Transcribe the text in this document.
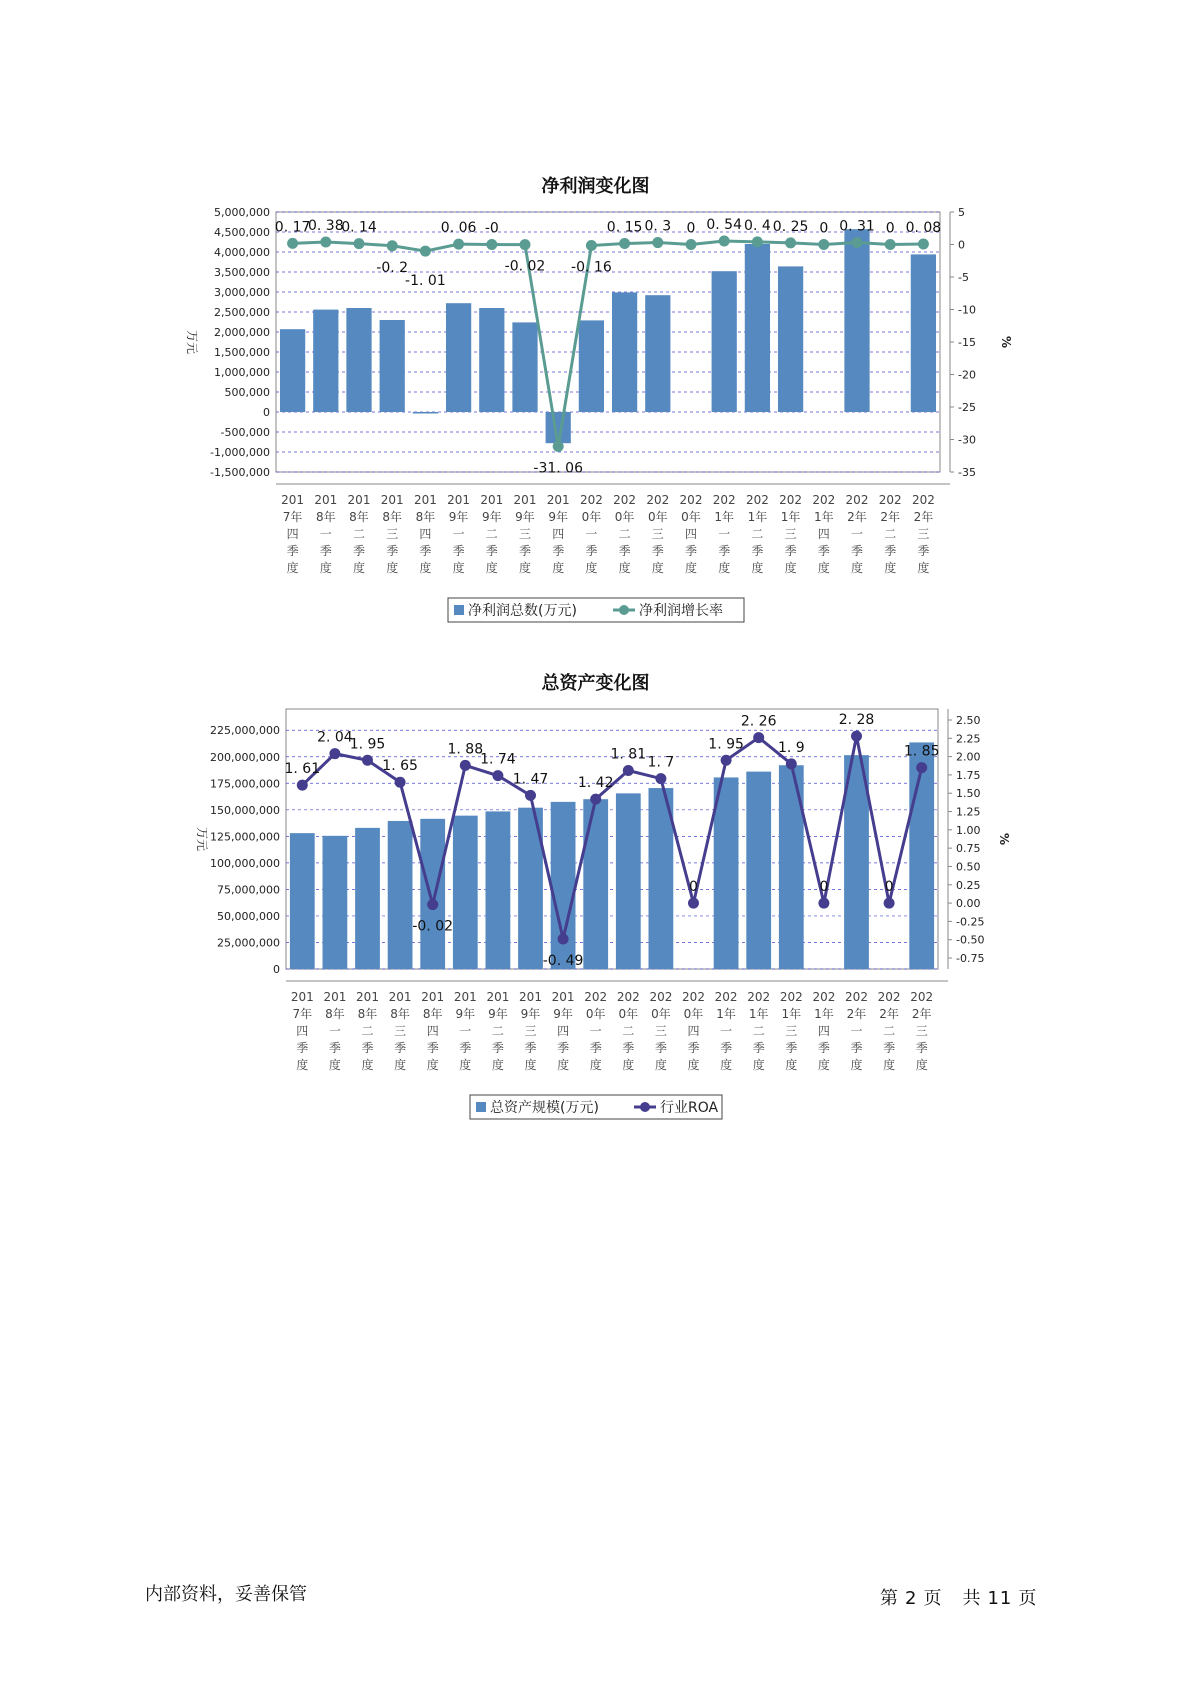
净利润变化图
5,000,000
4,500,000
4,000,000
3,500,000
3,000,000
2,500,000
2,000,000
1,500,000
1,000,000
500,000
0
-500,000
-1,000,000
-1,500,000
5
0
-5
-10
-15
-20
-25
-30
-35
万元	%
0. 17
0. 38
0. 14
-0. 2
-1. 01
0. 06 -0
-0. 02
-31. 06
-0. 16
0. 15 0. 3 0 0. 54 0. 4 0. 25 0 0. 31 0 0. 08
201
7年
四
季
度
201
8年
一
季
度
201
8年
二
季
度
201
8年
三
季
度
201
8年
四
季
度
201
9年
一
季
度
201
9年
二
季
度
201
9年
三
季
度
201
9年
四
季
度
202
0年
一
季
度
202
0年
二
季
度
202
0年
三
季
度
202
0年
四
季
度
202
1年
一
季
度
202
1年
二
季
度
202
1年
三
季
度
202
1年
四
季
度
202
2年
一
季
度
202
2年
二
季
度
202
2年
三
季
度
净利润总数(万元)	净利润增长率
总资产变化图
225,000,000
200,000,000
175,000,000
150,000,000
125,000,000
100,000,000
75,000,000
50,000,000
25,000,000
0
2.50
2.25
2.00
1.75
1.50
1.25
1.00
0.75
0.50
0.25
0.00
-0.25
-0.50
-0.75
万元	%
1. 61
2. 04
1. 95
1. 65
-0. 02
1. 88
1. 74
1. 47
-0. 49
1. 42
1. 81
1. 7
0
1. 95
2. 26
1. 9
0
2. 28
0
1. 85
201
7年
四
季
度
201
8年
一
季
度
201
8年
二
季
度
201
8年
三
季
度
201
8年
四
季
度
201
9年
一
季
度
201
9年
二
季
度
201
9年
三
季
度
201
9年
四
季
度
202
0年
一
季
度
202
0年
二
季
度
202
0年
三
季
度
202
0年
四
季
度
202
1年
一
季
度
202
1年
二
季
度
202
1年
三
季
度
202
1年
四
季
度
202
2年
一
季
度
202
2年
二
季
度
202
2年
三
季
度
总资产规模(万元)	行业ROA
内部资料，妥善保管	第 2 页 共 11 页
